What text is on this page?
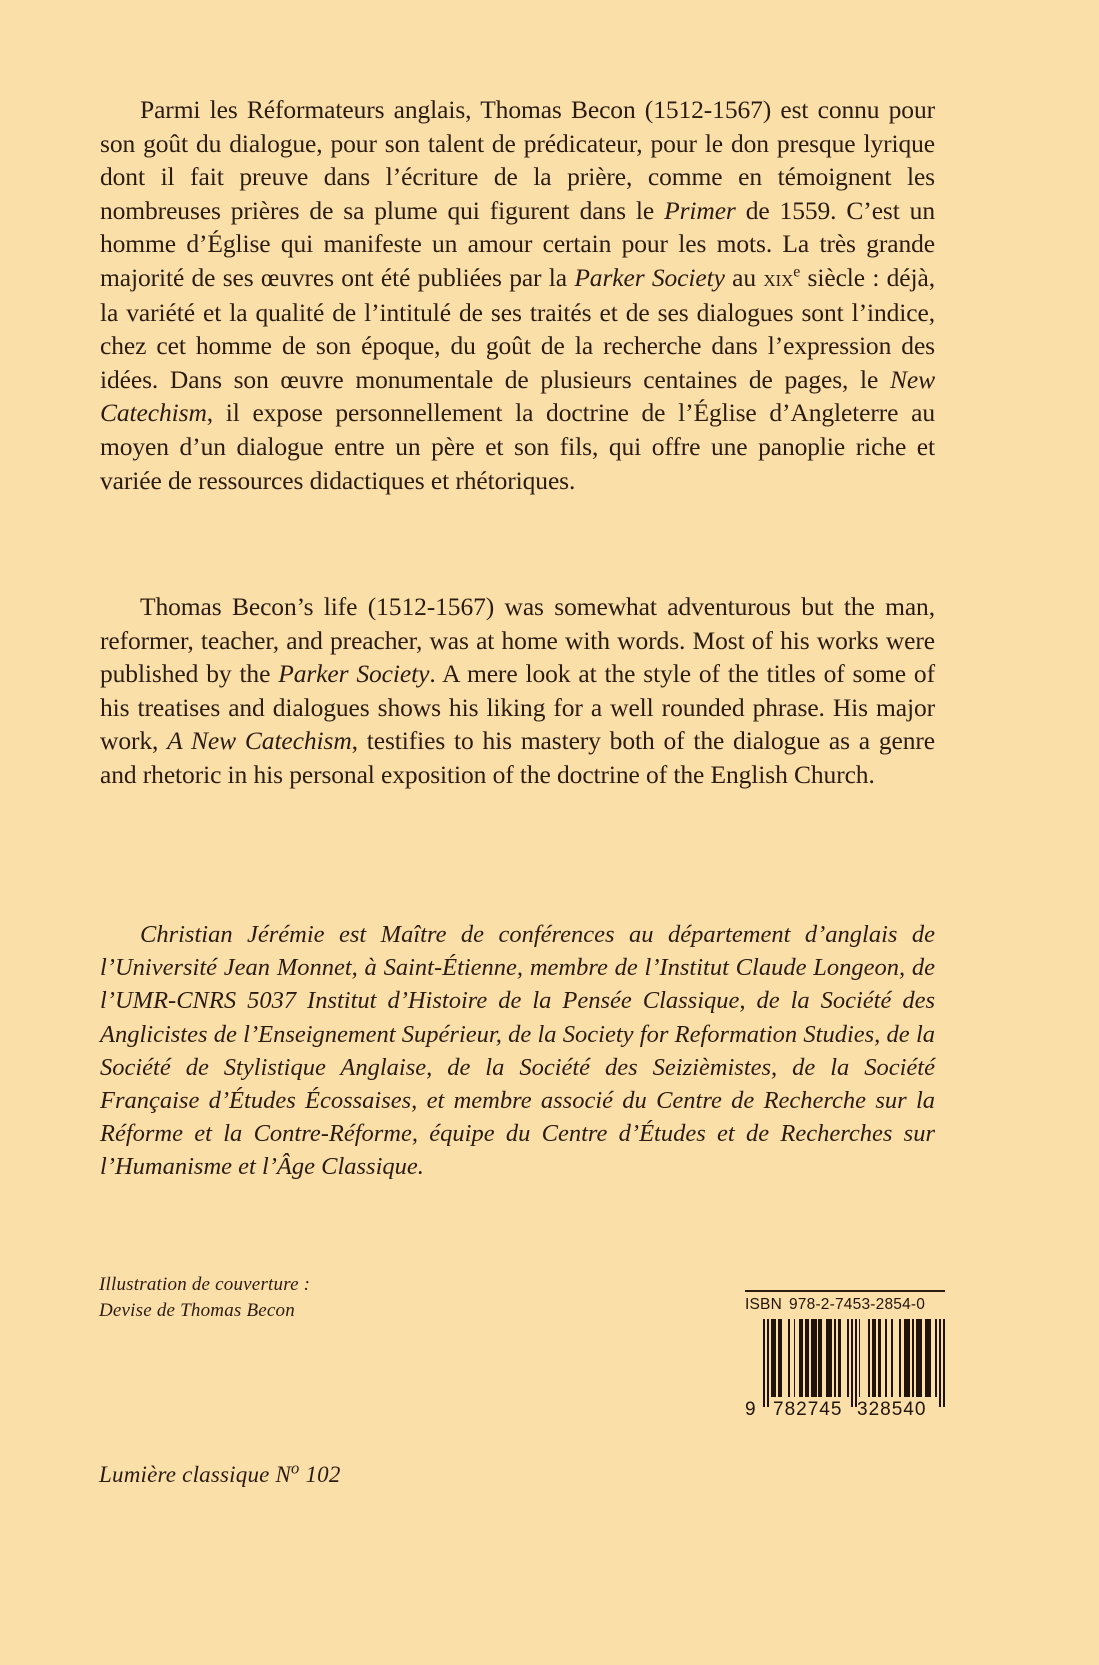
Parmi les Réformateurs anglais, Thomas Becon (1512-1567) est connu pour son goût du dialogue, pour son talent de prédicateur, pour le don presque lyrique dont il fait preuve dans l’écriture de la prière, comme en témoignent les nombreuses prières de sa plume qui figurent dans le Primer de 1559. C’est un homme d’Église qui manifeste un amour certain pour les mots. La très grande majorité de ses œuvres ont été publiées par la Parker Society au xix$^e$ siècle : déjà, la variété et la qualité de l’intitulé de ses traités et de ses dialogues sont l’indice, chez cet homme de son époque, du goût de la recherche dans l’expression des idées. Dans son œuvre monumentale de plusieurs centaines de pages, le New Catechism, il expose personnellement la doctrine de l’Église d’Angleterre au moyen d’un dialogue entre un père et son fils, qui offre une panoplie riche et variée de ressources didactiques et rhétoriques.
Thomas Becon’s life (1512-1567) was somewhat adventurous but the man, reformer, teacher, and preacher, was at home with words. Most of his works were published by the Parker Society. A mere look at the style of the titles of some of his treatises and dialogues shows his liking for a well rounded phrase. His major work, A New Catechism, testifies to his mastery both of the dialogue as a genre and rhetoric in his personal exposition of the doctrine of the English Church.
Christian Jérémie est Maître de conférences au département d’anglais de l’Université Jean Monnet, à Saint-Étienne, membre de l’Institut Claude Longeon, de l’UMR-CNRS 5037 Institut d’Histoire de la Pensée Classique, de la Société des Anglicistes de l’Enseignement Supérieur, de la Society for Reformation Studies, de la Société de Stylistique Anglaise, de la Société des Seizièmistes, de la Société Française d’Études Écossaises, et membre associé du Centre de Recherche sur la Réforme et la Contre-Réforme, équipe du Centre d’Études et de Recherches sur l’Humanisme et l’Âge Classique.
Illustration de couverture :
Devise de Thomas Becon
Lumière classique $N^o$ 102
ISBN 978-2-7453-2854-0
9 782745 328540
